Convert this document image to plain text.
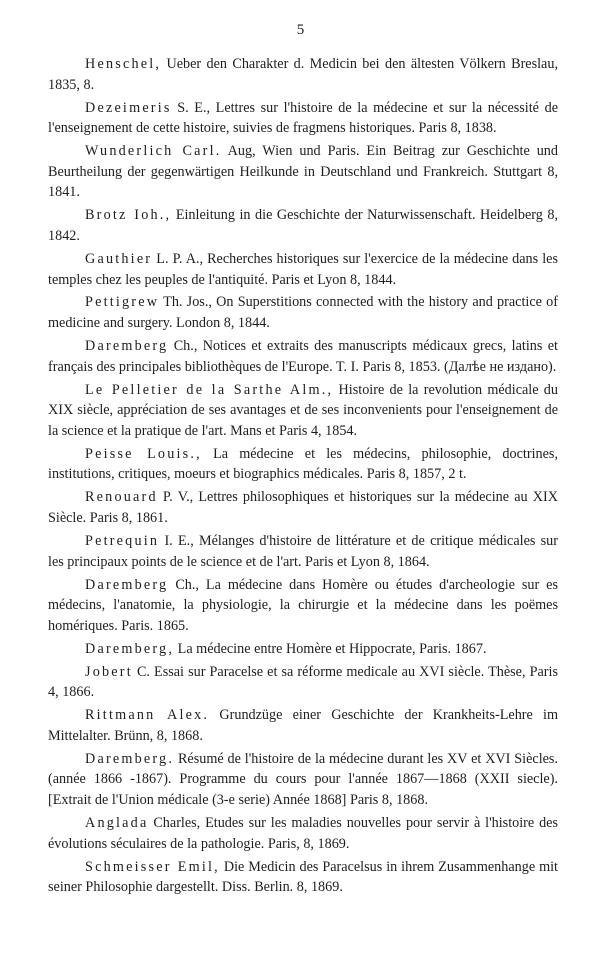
5

Henschel, Ueber den Charakter d. Medicin bei den ältesten Völkern Breslau, 1835, 8.

Dezeimeris S. E., Lettres sur l'histoire de la médecine et sur la nécessité de l'enseignement de cette histoire, suivies de fragmens historiques. Paris 8, 1838.

Wunderlich Carl. Aug, Wien und Paris. Ein Beitrag zur Geschichte und Beurtheilung der gegenwärtigen Heilkunde in Deutschland und Frankreich. Stuttgart 8, 1841.

Brotz Ioh., Einleitung in die Geschichte der Naturwissenschaft. Heidelberg 8, 1842.

Gauthier L. P. A., Recherches historiques sur l'exercice de la médecine dans les temples chez les peuples de l'antiquité. Paris et Lyon 8, 1844.

Pettigrew Th. Jos., On Superstitions connected with the history and practice of medicine and surgery. London 8, 1844.

Daremberg Ch., Notices et extraits des manuscripts médicaux grecs, latins et français des principales bibliothèques de l'Europe. T. I. Paris 8, 1853. (Далѣе не издано).

Le Pelletier de la Sarthe Alm., Histoire de la revolution médicale du XIX siècle, appréciation de ses avantages et de ses inconvenients pour l'enseignement de la science et la pratique de l'art. Mans et Paris 4, 1854.

Peisse Louis., La médecine et les médecins, philosophie, doctrines, institutions, critiques, moeurs et biographics médicales. Paris 8, 1857, 2 t.

Renouard P. V., Lettres philosophiques et historiques sur la médecine au XIX Siècle. Paris 8, 1861.

Petrequin I. E., Mélanges d'histoire de littérature et de critique médicales sur les principaux points de le science et de l'art. Paris et Lyon 8, 1864.

Daremberg Ch., La médecine dans Homère ou études d'archeologie sur es médecins, l'anatomie, la physiologie, la chirurgie et la médecine dans les poëmes homériques. Paris. 1865.

Daremberg, La médecine entre Homère et Hippocrate, Paris. 1867.

Jobert C. Essai sur Paracelse et sa réforme medicale au XVI siècle. Thèse, Paris 4, 1866.

Rittmann Alex. Grundzüge einer Geschichte der Krankheits-Lehre im Mittelalter. Brünn, 8, 1868.

Daremberg. Résumé de l'histoire de la médecine durant les XV et XVI Siècles. (année 1866 -1867). Programme du cours pour l'année 1867—1868 (XXII siecle). [Extrait de l'Union médicale (3-e serie) Année 1868] Paris 8, 1868.

Anglada Charles, Etudes sur les maladies nouvelles pour servir à l'histoire des évolutions séculaires de la pathologie. Paris, 8, 1869.

Schmeisser Emil, Die Medicin des Paracelsus in ihrem Zusammenhange mit seiner Philosophie dargestellt. Diss. Berlin. 8, 1869.
